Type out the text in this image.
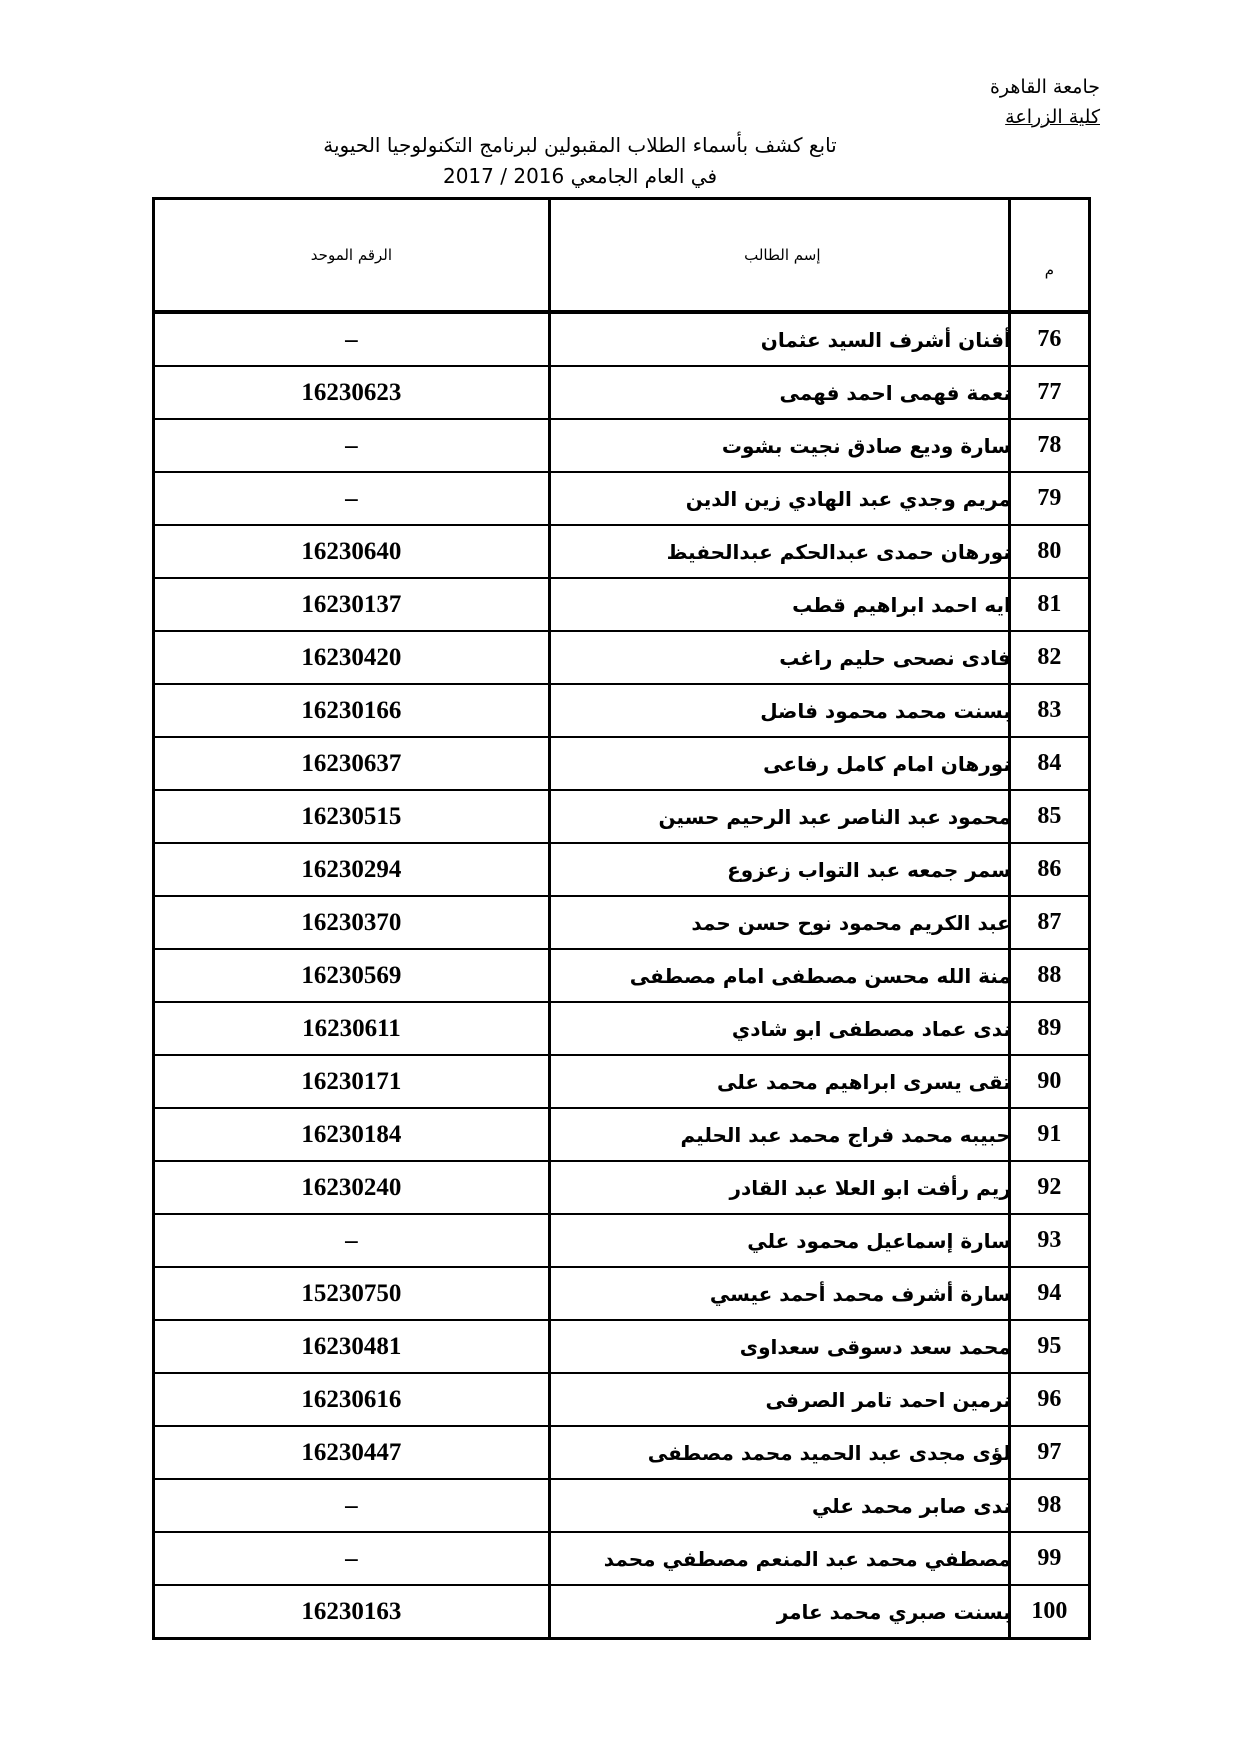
جامعة القاهرة
كلية الزراعة
تابع كشف بأسماء الطلاب المقبولين لبرنامج التكنولوجيا الحيوية
في العام الجامعي 2016 / 2017
الرقم الموحد	إسم الطالب	م
–	أفنان أشرف السيد عثمان	76
16230623	نعمة فهمى احمد فهمى	77
–	سارة وديع صادق نجيت بشوت	78
–	مريم وجدي عبد الهادي زين الدين	79
16230640	نورهان حمدى عبدالحكم عبدالحفيظ	80
16230137	ايه احمد ابراهيم قطب	81
16230420	فادى نصحى حليم راغب	82
16230166	بسنت محمد محمود فاضل	83
16230637	نورهان امام كامل رفاعى	84
16230515	محمود عبد الناصر عبد الرحيم حسين	85
16230294	سمر جمعه عبد التواب زعزوع	86
16230370	عبد الكريم محمود نوح حسن حمد	87
16230569	منة الله محسن مصطفى امام مصطفى	88
16230611	ندى عماد مصطفى ابو شادي	89
16230171	تقى يسرى ابراهيم محمد على	90
16230184	حبيبه محمد فراج محمد عبد الحليم	91
16230240	ريم رأفت ابو العلا عبد القادر	92
–	سارة إسماعيل محمود علي	93
15230750	سارة أشرف محمد أحمد عيسي	94
16230481	محمد سعد دسوقى سعداوى	95
16230616	نرمين احمد تامر الصرفى	96
16230447	لؤى مجدى عبد الحميد محمد مصطفى	97
–	ندى صابر محمد علي	98
–	مصطفي محمد عبد المنعم مصطفي محمد	99
16230163	بسنت صبري محمد عامر	100
